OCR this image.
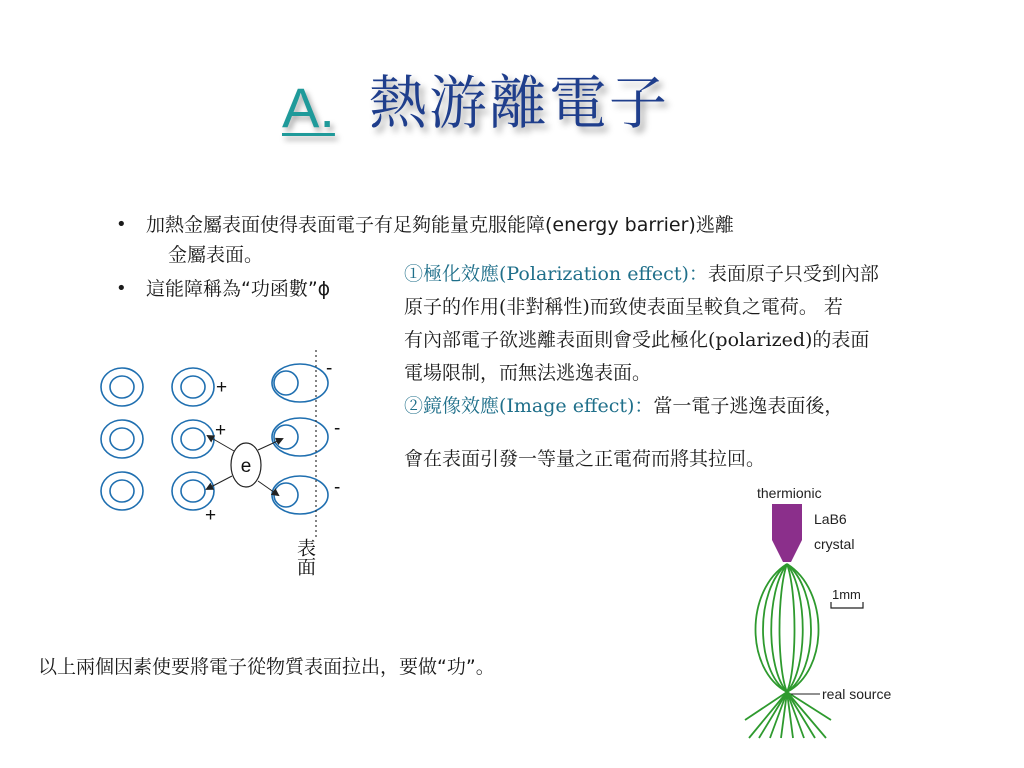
A. 熱游離電子
• 加熱金屬表面使得表面電子有足夠能量克服能障(energy barrier)逃離
金屬表面。
• 這能障稱為“功函數”ϕ
①極化效應(Polarization effect)：表面原子只受到內部
原子的作用(非對稱性)而致使表面呈較負之電荷。 若
有內部電子欲逃離表面則會受此極化(polarized)的表面
電場限制，而無法逃逸表面。
②鏡像效應(Image effect)：當一電子逃逸表面後，
會在表面引發一等量之正電荷而將其拉回。
e
+
+
+
-
-
-
表面
thermionic
LaB6
crystal
1mm
real source
以上兩個因素使要將電子從物質表面拉出，要做“功”。
